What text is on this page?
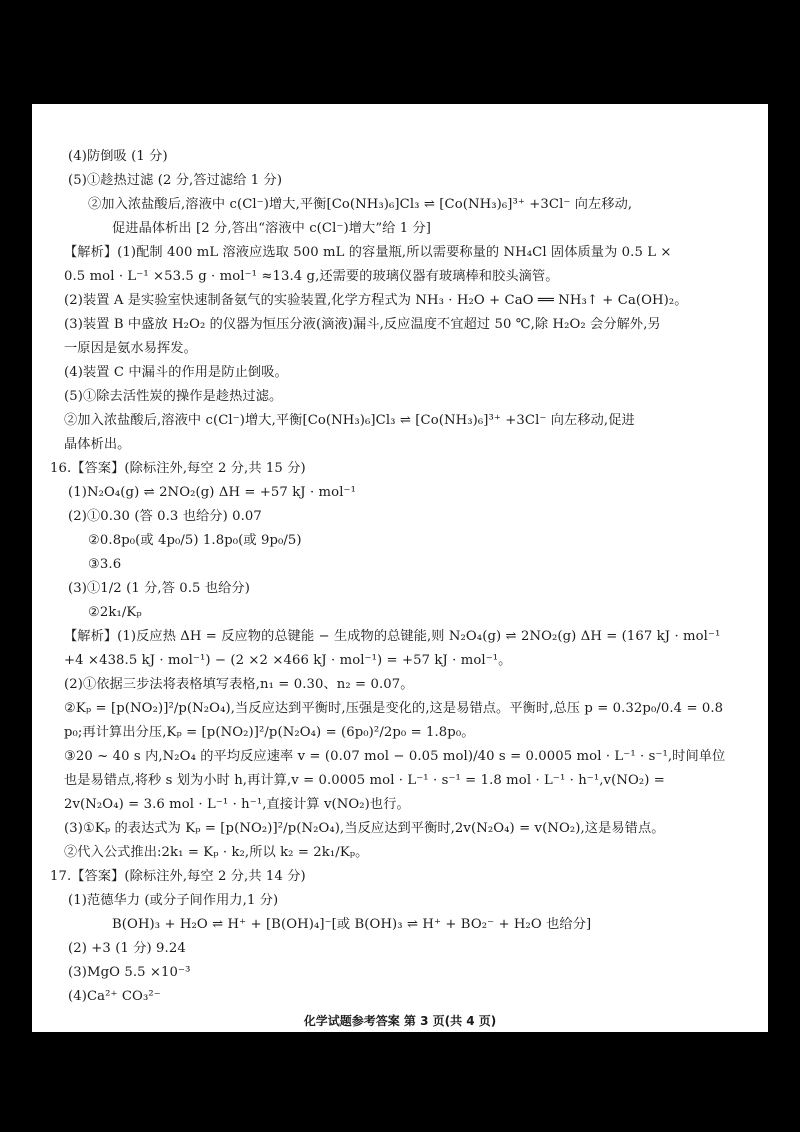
(4)防倒吸 (1 分)
(5)①趁热过滤 (2 分,答过滤给 1 分)
②加入浓盐酸后,溶液中 c(Cl⁻)增大,平衡[Co(NH₃)₆]Cl₃ ⇌ [Co(NH₃)₆]³⁺ +3Cl⁻ 向左移动,
促进晶体析出 [2 分,答出“溶液中 c(Cl⁻)增大”给 1 分]
【解析】(1)配制 400 mL 溶液应选取 500 mL 的容量瓶,所以需要称量的 NH₄Cl 固体质量为 0.5 L ×
0.5 mol · L⁻¹ ×53.5 g · mol⁻¹ ≈13.4 g,还需要的玻璃仪器有玻璃棒和胶头滴管。
(2)装置 A 是实验室快速制备氨气的实验装置,化学方程式为 NH₃ · H₂O + CaO ══ NH₃↑ + Ca(OH)₂。
(3)装置 B 中盛放 H₂O₂ 的仪器为恒压分液(滴液)漏斗,反应温度不宜超过 50 ℃,除 H₂O₂ 会分解外,另
一原因是氨水易挥发。
(4)装置 C 中漏斗的作用是防止倒吸。
(5)①除去活性炭的操作是趁热过滤。
②加入浓盐酸后,溶液中 c(Cl⁻)增大,平衡[Co(NH₃)₆]Cl₃ ⇌ [Co(NH₃)₆]³⁺ +3Cl⁻ 向左移动,促进
晶体析出。
16.【答案】(除标注外,每空 2 分,共 15 分)
(1)N₂O₄(g) ⇌ 2NO₂(g) ΔH = +57 kJ · mol⁻¹
(2)①0.30 (答 0.3 也给分) 0.07
②0.8p₀(或 4p₀/5) 1.8p₀(或 9p₀/5)
③3.6
(3)①1/2 (1 分,答 0.5 也给分)
②2k₁/Kₚ
【解析】(1)反应热 ΔH = 反应物的总键能 − 生成物的总键能,则 N₂O₄(g) ⇌ 2NO₂(g) ΔH = (167 kJ · mol⁻¹
+4 ×438.5 kJ · mol⁻¹) − (2 ×2 ×466 kJ · mol⁻¹) = +57 kJ · mol⁻¹。
(2)①依据三步法将表格填写表格,n₁ = 0.30、n₂ = 0.07。
②Kₚ = [p(NO₂)]²/p(N₂O₄),当反应达到平衡时,压强是变化的,这是易错点。平衡时,总压 p = 0.32p₀/0.4 = 0.8
p₀;再计算出分压,Kₚ = [p(NO₂)]²/p(N₂O₄) = (6p₀)²/2p₀ = 1.8p₀。
③20 ~ 40 s 内,N₂O₄ 的平均反应速率 v = (0.07 mol − 0.05 mol)/40 s = 0.0005 mol · L⁻¹ · s⁻¹,时间单位
也是易错点,将秒 s 划为小时 h,再计算,v = 0.0005 mol · L⁻¹ · s⁻¹ = 1.8 mol · L⁻¹ · h⁻¹,v(NO₂) =
2v(N₂O₄) = 3.6 mol · L⁻¹ · h⁻¹,直接计算 v(NO₂)也行。
(3)①Kₚ 的表达式为 Kₚ = [p(NO₂)]²/p(N₂O₄),当反应达到平衡时,2v(N₂O₄) = v(NO₂),这是易错点。
②代入公式推出:2k₁ = Kₚ · k₂,所以 k₂ = 2k₁/Kₚ。
17.【答案】(除标注外,每空 2 分,共 14 分)
(1)范德华力 (或分子间作用力,1 分)
B(OH)₃ + H₂O ⇌ H⁺ + [B(OH)₄]⁻[或 B(OH)₃ ⇌ H⁺ + BO₂⁻ + H₂O 也给分]
(2) +3 (1 分) 9.24
(3)MgO 5.5 ×10⁻³
(4)Ca²⁺ CO₃²⁻
化学试题参考答案 第 3 页(共 4 页)
